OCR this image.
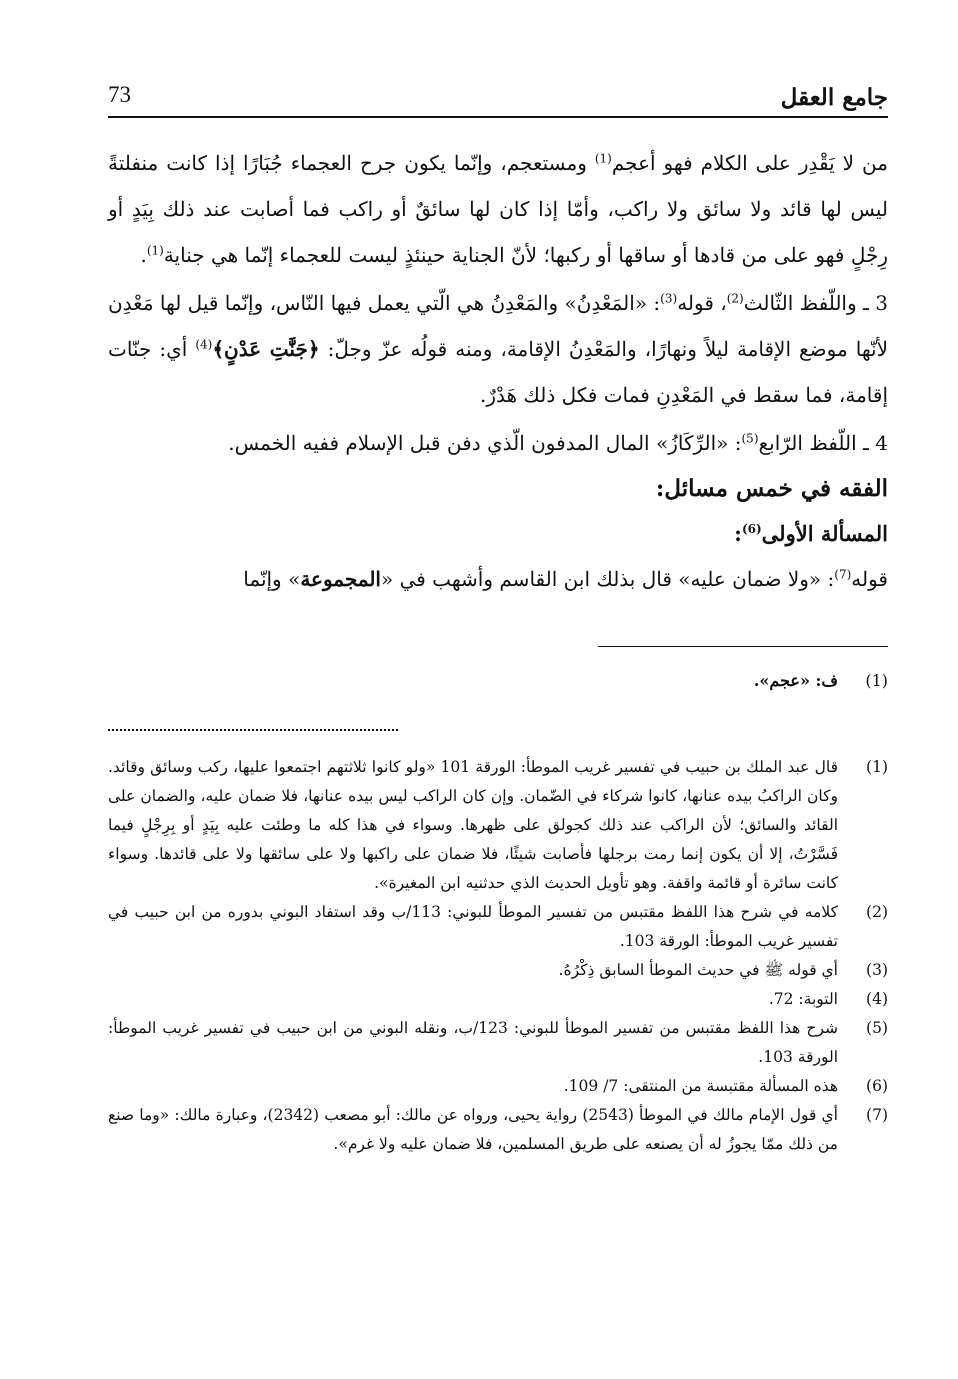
جامع العقل
73

من لا يَقْدِر على الكلام فهو أعجم$^{(1)}$ ومستعجم، وإنّما يكون جرح العجماء جُبَارًا إذا كانت منفلتةً ليس لها قائد ولا سائق ولا راكب، وأمّا إذا كان لها سائقٌ أو راكب فما أصابت عند ذلك بِيَدٍ أو رِجْلٍ فهو على من قادها أو ساقها أو ركبها؛ لأنّ الجناية حينئذٍ ليست للعجماء إنّما هي جناية$^{(1)}$.

3 ـ واللّفظ الثّالث$^{(2)}$، قوله$^{(3)}$: «المَعْدِنُ» والمَعْدِنُ هي الّتي يعمل فيها النّاس، وإنّما قيل لها مَعْدِن لأنّها موضع الإقامة ليلاً ونهارًا، والمَعْدِنُ الإقامة، ومنه قولُه عزّ وجلّ: ﴿جَنَّٰتِ عَدْنٍ﴾$^{(4)}$ أي: جنّات إقامة، فما سقط في المَعْدِنِ فمات فكل ذلك هَدْرٌ.

4 ـ اللّفظ الرّابع$^{(5)}$: «الرِّكَازُ» المال المدفون الّذي دفن قبل الإسلام ففيه الخمس.

الفقه في خمس مسائل:

المسألة الأولى$^{(6)}$:

قوله$^{(7)}$: «ولا ضمان عليه» قال بذلك ابن القاسم وأشهب في «المجموعة» وإنّما

(1)
ف: «عجم».
(1)
قال عبد الملك بن حبيب في تفسير غريب الموطأ: الورقة 101 «ولو كانوا ثلاثتهم اجتمعوا عليها، ركب وسائق وقائد. وكان الراكبُ بيده عنانها، كانوا شركاء في الضّمان. وإن كان الراكب ليس بيده عنانها، فلا ضمان عليه، والضمان على القائد والسائق؛ لأن الراكب عند ذلك كجولق على ظهرها. وسواء في هذا كله ما وطئت عليه بِيَدٍ أو بِرِجْلٍ فيما فَسَّرْتُ، إلا أن يكون إنما رمت برجلها فأصابت شيئًا، فلا ضمان على راكبها ولا على سائقها ولا على قائدها. وسواء كانت سائرة أو قائمة واقفة. وهو تأويل الحديث الذي حدثنيه ابن المغيرة».
(2)
كلامه في شرح هذا اللفظ مقتبس من تفسير الموطأ للبوني: 113/ب وقد استفاد البوني بدوره من ابن حبيب في تفسير غريب الموطأ: الورقة 103.
(3)
أي قوله ﷺ في حديث الموطأ السابق ذِكْرُهُ.
(4)
التوبة: 72.
(5)
شرح هذا اللفظ مقتبس من تفسير الموطأ للبوني: 123/ب، ونقله البوني من ابن حبيب في تفسير غريب الموطأ: الورقة 103.
(6)
هذه المسألة مقتبسة من المنتقى: 7/ 109.
(7)
أي قول الإمام مالك في الموطأ (2543) رواية يحيى، ورواه عن مالك: أبو مصعب (2342)، وعبارة مالك: «وما صنع من ذلك ممّا يجوزُ له أن يصنعه على طريق المسلمين، فلا ضمان عليه ولا غرم».
